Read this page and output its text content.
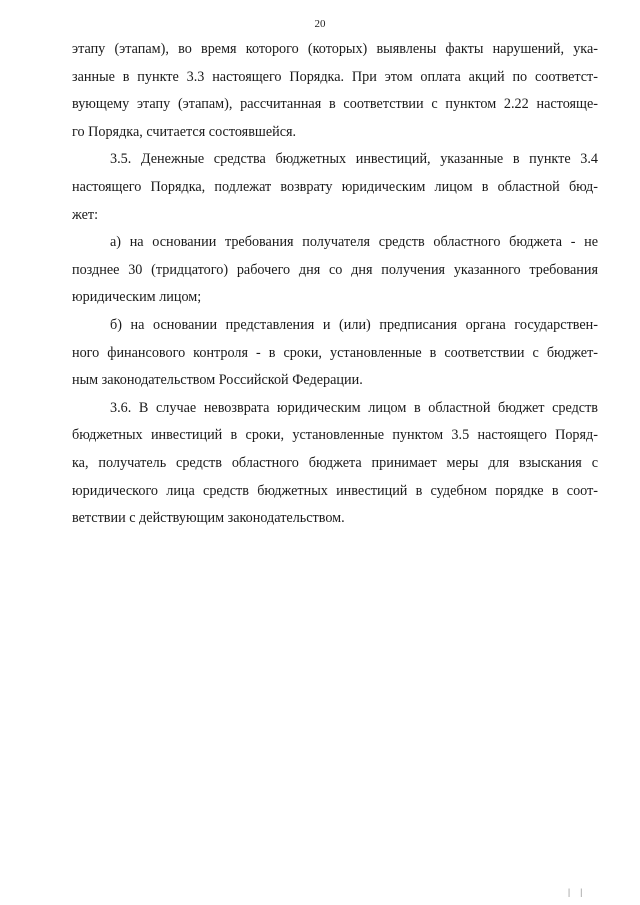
20
этапу (этапам), во время которого (которых) выявлены факты нарушений, ука-
занные в пункте 3.3 настоящего Порядка. При этом оплата акций по соответст-
вующему этапу (этапам), рассчитанная в соответствии с пунктом 2.22 настояще-
го Порядка, считается состоявшейся.
3.5. Денежные средства бюджетных инвестиций, указанные в пункте 3.4
настоящего Порядка, подлежат возврату юридическим лицом в областной бюд-
жет:
а) на основании требования получателя средств областного бюджета - не
позднее 30 (тридцатого) рабочего дня со дня получения указанного требования
юридическим лицом;
б) на основании представления и (или) предписания органа государствен-
ного финансового контроля - в сроки, установленные в соответствии с бюджет-
ным законодательством Российской Федерации.
3.6. В случае невозврата юридическим лицом в областной бюджет средств
бюджетных инвестиций в сроки, установленные пунктом 3.5 настоящего Поряд-
ка, получатель средств областного бюджета принимает меры для взыскания с
юридического лица средств бюджетных инвестиций в судебном порядке в соот-
ветствии с действующим законодательством.
| |
